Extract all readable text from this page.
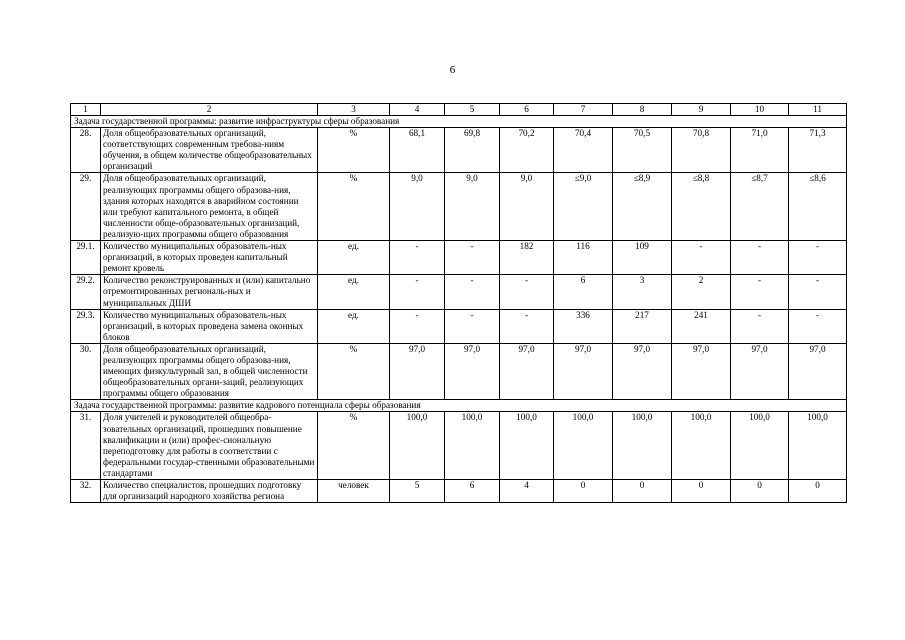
6
1	2	3	4	5	6	7	8	9	10	11
Задача государственной программы: развитие инфраструктуры сферы образования										
28.	Доля общеобразовательных организаций, соответствующих современным требова-ниям обучения, в общем количестве общеобразовательных организаций	%	68,1	69,8	70,2	70,4	70,5	70,8	71,0	71,3
29.	Доля общеобразовательных организаций, реализующих программы общего образова-ния, здания которых находятся в аварийном состоянии или требуют капитального ремонта, в общей численности обще-образовательных организаций, реализую-щих программы общего образования	%	9,0	9,0	9,0	≤9,0	≤8,9	≤8,8	≤8,7	≤8,6
29.1.	Количество муниципальных образователь-ных организаций, в которых проведен капитальный ремонт кровель	ед.	-	-	182	116	109	-	-	-
29.2.	Количество реконструированных и (или) капитально отремонтированных региональ-ных и муниципальных ДШИ	ед.	-	-	-	6	3	2	-	-
29.3.	Количество муниципальных образователь-ных организаций, в которых проведена замена оконных блоков	ед.	-	-	-	336	217	241	-	-
30.	Доля общеобразовательных организаций, реализующих программы общего образова-ния, имеющих физкультурный зал, в общей численности общеобразовательных органи-заций, реализующих программы общего образования	%	97,0	97,0	97,0	97,0	97,0	97,0	97,0	97,0
Задача государственной программы: развитие кадрового потенциала сферы образования										
31.	Доля учителей и руководителей общеобра-зовательных организаций, прошедших повышение квалификации и (или) профес-сиональную переподготовку для работы в соответствии с федеральными государ-ственными образовательными стандартами	%	100,0	100,0	100,0	100,0	100,0	100,0	100,0	100,0
32.	Количество специалистов, прошедших подготовку для организаций народного хозяйства региона	человек	5	6	4	0	0	0	0	0
